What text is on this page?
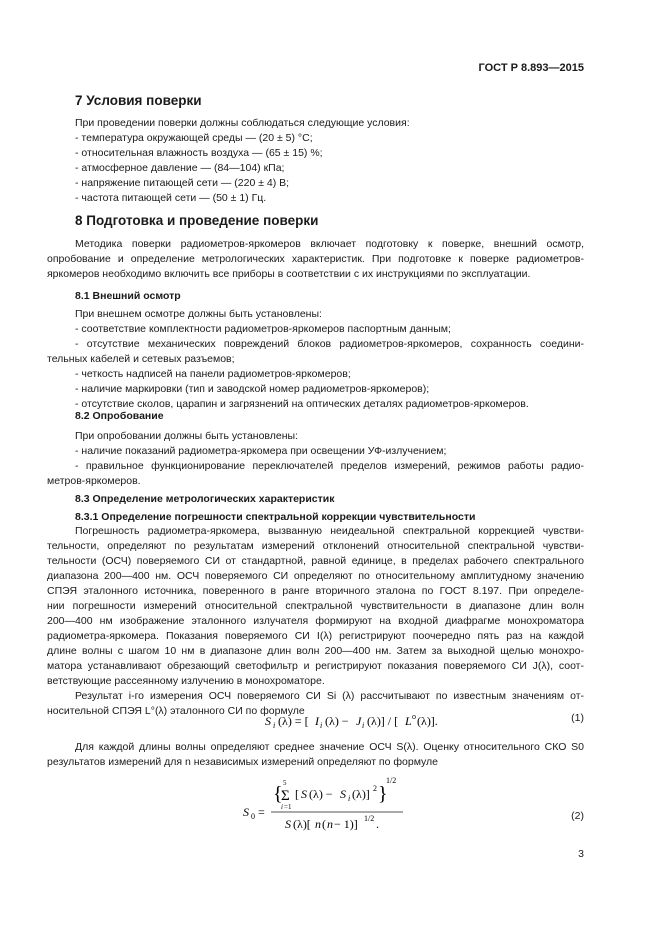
ГОСТ Р 8.893—2015
7 Условия поверки
При проведении поверки должны соблюдаться следующие условия:
- температура окружающей среды — (20 ± 5) °С;
- относительная влажность воздуха — (65 ± 15) %;
- атмосферное давление — (84—104) кПа;
- напряжение питающей сети — (220 ± 4) В;
- частота питающей сети — (50 ± 1) Гц.
8 Подготовка и проведение поверки
Методика поверки радиометров-яркомеров включает подготовку к поверке, внешний осмотр,
опробование и определение метрологических характеристик. При подготовке к поверке радиометров-
яркомеров необходимо включить все приборы в соответствии с их инструкциями по эксплуатации.
8.1 Внешний осмотр
При внешнем осмотре должны быть установлены:
- соответствие комплектности радиометров-яркомеров паспортным данным;
- отсутствие механических повреждений блоков радиометров-яркомеров, сохранность соедини-
тельных кабелей и сетевых разъемов;
- четкость надписей на панели радиометров-яркомеров;
- наличие маркировки (тип и заводской номер радиометров-яркомеров);
- отсутствие сколов, царапин и загрязнений на оптических деталях радиометров-яркомеров.
8.2 Опробование
При опробовании должны быть установлены:
- наличие показаний радиометра-яркомера при освещении УФ-излучением;
- правильное функционирование переключателей пределов измерений, режимов работы радио-
метров-яркомеров.
8.3 Определение метрологических характеристик
8.3.1 Определение погрешности спектральной коррекции чувствительности
Погрешность радиометра-яркомера, вызванную неидеальной спектральной коррекцией чувстви-
тельности, определяют по результатам измерений отклонений относительной спектральной чувстви-
тельности (ОСЧ) поверяемого СИ от стандартной, равной единице, в пределах рабочего спектрального
диапазона 200—400 нм. ОСЧ поверяемого СИ определяют по относительному амплитудному значению
СПЭЯ эталонного источника, поверенного в ранге вторичного эталона по ГОСТ 8.197. При определе-
нии погрешности измерений относительной спектральной чувствительности в диапазоне длин волн
200—400 нм изображение эталонного излучателя формируют на входной диафрагме монохроматора
радиометра-яркомера. Показания поверяемого СИ I(λ) регистрируют поочередно пять раз на каждой
длине волны с шагом 10 нм в диапазоне длин волн 200—400 нм. Затем за выходной щелью монохро-
матора устанавливают обрезающий светофильтр и регистрируют показания поверяемого СИ J(λ), соот-
ветствующие рассеянному излучению в монохроматоре.
Результат i-го измерения ОСЧ поверяемого СИ Si (λ) рассчитывают по известным значениям от-
носительной СПЭЯ L°(λ) эталонного СИ по формуле
S i (λ) = [ I i (λ) − J i (λ)] / [ L o (λ)].	(1)
Для каждой длины волны определяют среднее значение ОСЧ S(λ). Оценку относительного СКО S0
результатов измерений для n независимых измерений определяют по формуле
S 0 =
{ 5
Σ
i =1
[ S (λ) − S i (λ)] 2 }
1/2
S (λ)[ n ( n − 1)] 1/2 .
(2)
3
